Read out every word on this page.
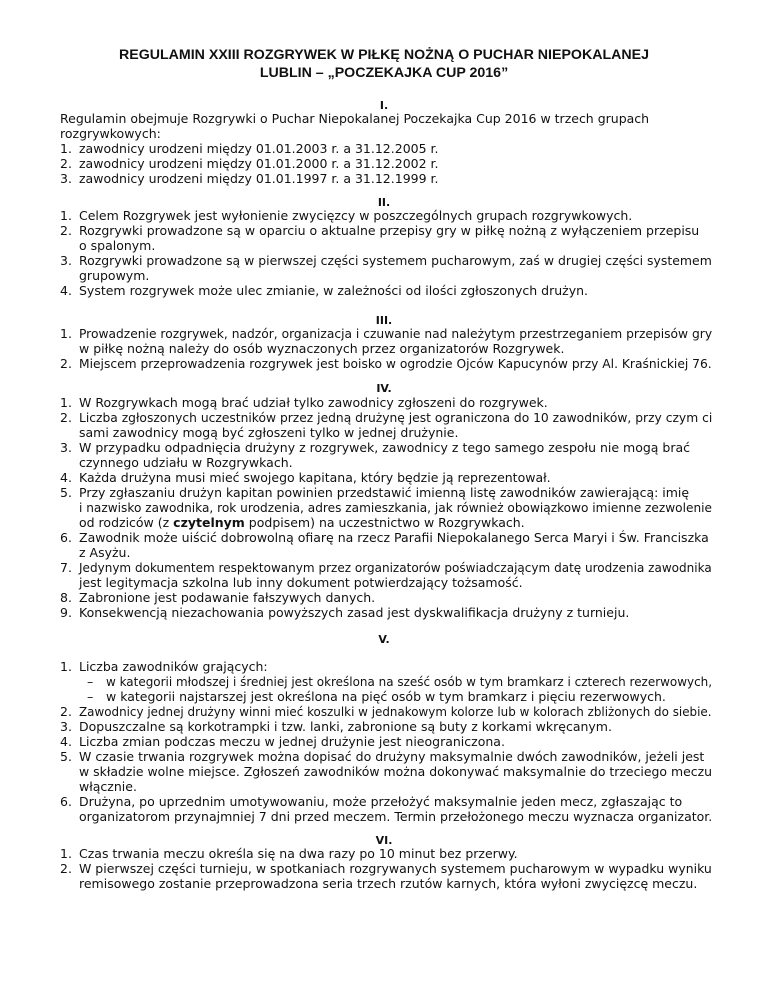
REGULAMIN XXIII ROZGRYWEK W PIŁKĘ NOŻNĄ O PUCHAR NIEPOKALANEJ
LUBLIN – „POCZEKAJKA CUP 2016”
I.
Regulamin obejmuje Rozgrywki o Puchar Niepokalanej Poczekajka Cup 2016 w trzech grupach
rozgrywkowych:
1. zawodnicy urodzeni między 01.01.2003 r. a 31.12.2005 r.
2. zawodnicy urodzeni między 01.01.2000 r. a 31.12.2002 r.
3. zawodnicy urodzeni między 01.01.1997 r. a 31.12.1999 r.
II.
1. Celem Rozgrywek jest wyłonienie zwycięzcy w poszczególnych grupach rozgrywkowych.
2. Rozgrywki prowadzone są w oparciu o aktualne przepisy gry w piłkę nożną z wyłączeniem przepisu
o spalonym.
3. Rozgrywki prowadzone są w pierwszej części systemem pucharowym, zaś w drugiej części systemem
grupowym.
4. System rozgrywek może ulec zmianie, w zależności od ilości zgłoszonych drużyn.
III.
1. Prowadzenie rozgrywek, nadzór, organizacja i czuwanie nad należytym przestrzeganiem przepisów gry
w piłkę nożną należy do osób wyznaczonych przez organizatorów Rozgrywek.
2. Miejscem przeprowadzenia rozgrywek jest boisko w ogrodzie Ojców Kapucynów przy Al. Kraśnickiej 76.
IV.
1. W Rozgrywkach mogą brać udział tylko zawodnicy zgłoszeni do rozgrywek.
2. Liczba zgłoszonych uczestników przez jedną drużynę jest ograniczona do 10 zawodników, przy czym ci
sami zawodnicy mogą być zgłoszeni tylko w jednej drużynie.
3. W przypadku odpadnięcia drużyny z rozgrywek, zawodnicy z tego samego zespołu nie mogą brać
czynnego udziału w Rozgrywkach.
4. Każda drużyna musi mieć swojego kapitana, który będzie ją reprezentował.
5. Przy zgłaszaniu drużyn kapitan powinien przedstawić imienną listę zawodników zawierającą: imię
i nazwisko zawodnika, rok urodzenia, adres zamieszkania, jak również obowiązkowo imienne zezwolenie
od rodziców (z czytelnym podpisem) na uczestnictwo w Rozgrywkach.
6. Zawodnik może uiścić dobrowolną ofiarę na rzecz Parafii Niepokalanego Serca Maryi i Św. Franciszka
z Asyżu.
7. Jedynym dokumentem respektowanym przez organizatorów poświadczającym datę urodzenia zawodnika
jest legitymacja szkolna lub inny dokument potwierdzający tożsamość.
8. Zabronione jest podawanie fałszywych danych.
9. Konsekwencją niezachowania powyższych zasad jest dyskwalifikacja drużyny z turnieju.
V.
1. Liczba zawodników grających:
– w kategorii młodszej i średniej jest określona na sześć osób w tym bramkarz i czterech rezerwowych,
– w kategorii najstarszej jest określona na pięć osób w tym bramkarz i pięciu rezerwowych.
2. Zawodnicy jednej drużyny winni mieć koszulki w jednakowym kolorze lub w kolorach zbliżonych do siebie.
3. Dopuszczalne są korkotrampki i tzw. lanki, zabronione są buty z korkami wkręcanym.
4. Liczba zmian podczas meczu w jednej drużynie jest nieograniczona.
5. W czasie trwania rozgrywek można dopisać do drużyny maksymalnie dwóch zawodników, jeżeli jest
w składzie wolne miejsce. Zgłoszeń zawodników można dokonywać maksymalnie do trzeciego meczu
włącznie.
6. Drużyna, po uprzednim umotywowaniu, może przełożyć maksymalnie jeden mecz, zgłaszając to
organizatorom przynajmniej 7 dni przed meczem. Termin przełożonego meczu wyznacza organizator.
VI.
1. Czas trwania meczu określa się na dwa razy po 10 minut bez przerwy.
2. W pierwszej części turnieju, w spotkaniach rozgrywanych systemem pucharowym w wypadku wyniku
remisowego zostanie przeprowadzona seria trzech rzutów karnych, która wyłoni zwycięzcę meczu.
